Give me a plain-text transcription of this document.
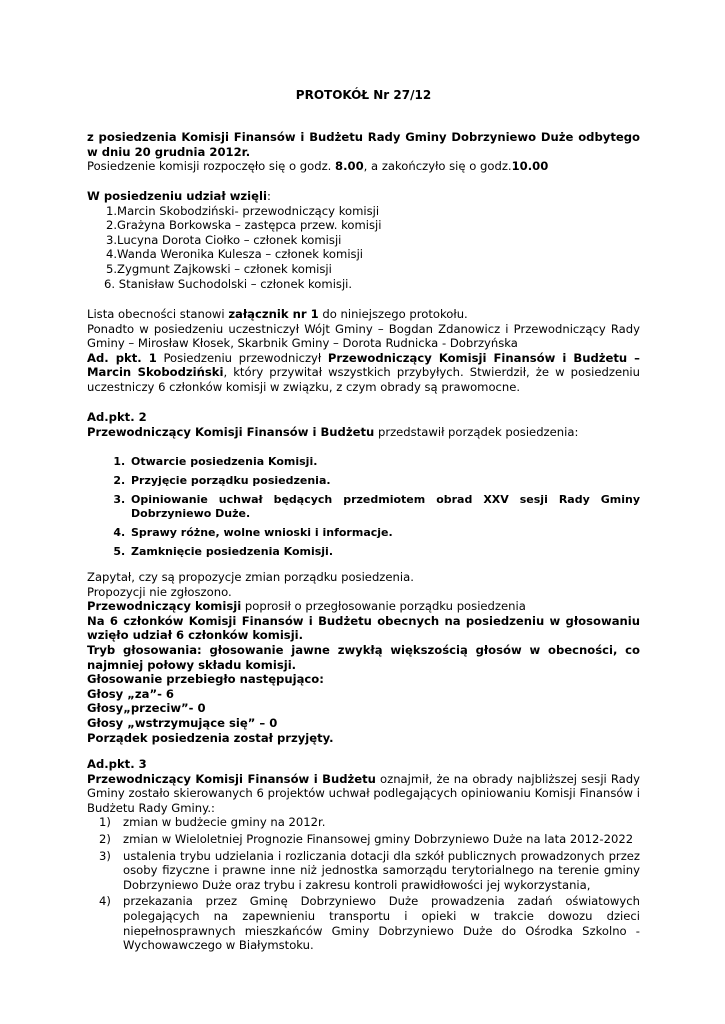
PROTOKÓŁ Nr 27/12
z posiedzenia Komisji Finansów i Budżetu Rady Gminy Dobrzyniewo Duże odbytego w dniu 20 grudnia 2012r.
Posiedzenie komisji rozpoczęło się o godz. 8.00, a zakończyło się o godz.10.00
W posiedzeniu udział wzięli:
1.Marcin Skobodziński- przewodniczący komisji
2.Grażyna Borkowska – zastępca przew. komisji
3.Lucyna Dorota Ciołko – członek komisji
4.Wanda Weronika Kulesza – członek komisji
5.Zygmunt Zajkowski – członek komisji
6. Stanisław Suchodolski – członek komisji.
Lista obecności stanowi załącznik nr 1 do niniejszego protokołu.
Ponadto w posiedzeniu uczestniczył Wójt Gminy – Bogdan Zdanowicz i Przewodniczący Rady Gminy – Mirosław Kłosek, Skarbnik Gminy – Dorota Rudnicka - Dobrzyńska
Ad. pkt. 1 Posiedzeniu przewodniczył Przewodniczący Komisji Finansów i Budżetu –Marcin Skobodziński, który przywitał wszystkich przybyłych. Stwierdził, że w posiedzeniu uczestniczy 6 członków komisji w związku, z czym obrady są prawomocne.
Ad.pkt. 2
Przewodniczący Komisji Finansów i Budżetu przedstawił porządek posiedzenia:
1. Otwarcie posiedzenia Komisji.
2. Przyjęcie porządku posiedzenia.
3. Opiniowanie uchwał będących przedmiotem obrad XXV sesji Rady Gminy Dobrzyniewo Duże.
4. Sprawy różne, wolne wnioski i informacje.
5. Zamknięcie posiedzenia Komisji.
Zapytał, czy są propozycje zmian porządku posiedzenia.
Propozycji nie zgłoszono.
Przewodniczący komisji poprosił o przegłosowanie porządku posiedzenia
Na 6 członków Komisji Finansów i Budżetu obecnych na posiedzeniu w głosowaniu wzięło udział 6 członków komisji.
Tryb głosowania: głosowanie jawne zwykłą większością głosów w obecności, co najmniej połowy składu komisji.
Głosowanie przebiegło następująco:
Głosy „za”- 6
Głosy„przeciw”- 0
Głosy „wstrzymujące się” – 0
Porządek posiedzenia został przyjęty.
Ad.pkt. 3
Przewodniczący Komisji Finansów i Budżetu oznajmił, że na obrady najbliższej sesji Rady Gminy zostało skierowanych 6 projektów uchwał podlegających opiniowaniu Komisji Finansów i Budżetu Rady Gminy.:
1) zmian w budżecie gminy na 2012r.
2) zmian w Wieloletniej Prognozie Finansowej gminy Dobrzyniewo Duże na lata 2012-2022
3) ustalenia trybu udzielania i rozliczania dotacji dla szkół publicznych prowadzonych przez osoby fizyczne i prawne inne niż jednostka samorządu terytorialnego na terenie gminy Dobrzyniewo Duże oraz trybu i zakresu kontroli prawidłowości jej wykorzystania,
4) przekazania przez Gminę Dobrzyniewo Duże prowadzenia zadań oświatowych polegających na zapewnieniu transportu i opieki w trakcie dowozu dzieci niepełnosprawnych mieszkańców Gminy Dobrzyniewo Duże do Ośrodka Szkolno - Wychowawczego w Białymstoku.
